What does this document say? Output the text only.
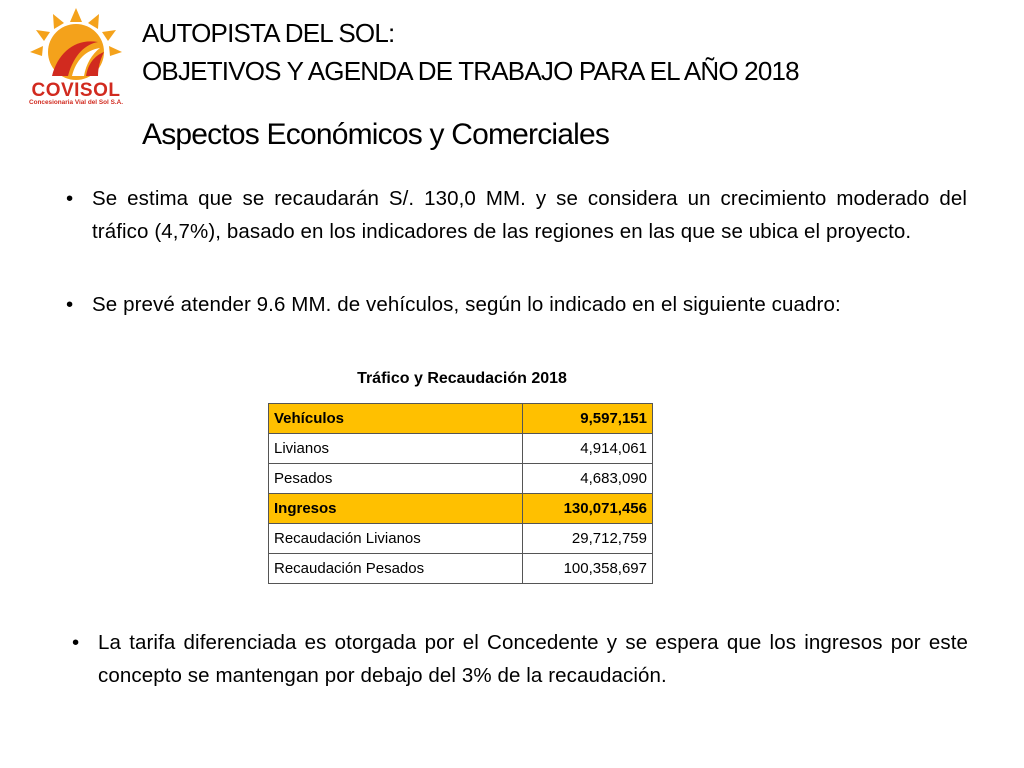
COVISOL
Concesionaria Vial del Sol S.A.
AUTOPISTA DEL SOL:
OBJETIVOS Y AGENDA DE TRABAJO PARA EL AÑO 2018
Aspectos Económicos y Comerciales
• Se estima que se recaudarán S/. 130,0 MM. y se considera un crecimiento moderado del tráfico (4,7%), basado en los indicadores de las regiones en las que se ubica el proyecto.
• Se prevé atender 9.6 MM. de vehículos, según lo indicado en el siguiente cuadro:
Tráfico y Recaudación 2018
Vehículos	9,597,151
Livianos	4,914,061
Pesados	4,683,090
Ingresos	130,071,456
Recaudación Livianos	29,712,759
Recaudación Pesados	100,358,697
• La tarifa diferenciada es otorgada por el Concedente y se espera que los ingresos por este concepto se mantengan por debajo del 3% de la recaudación.
